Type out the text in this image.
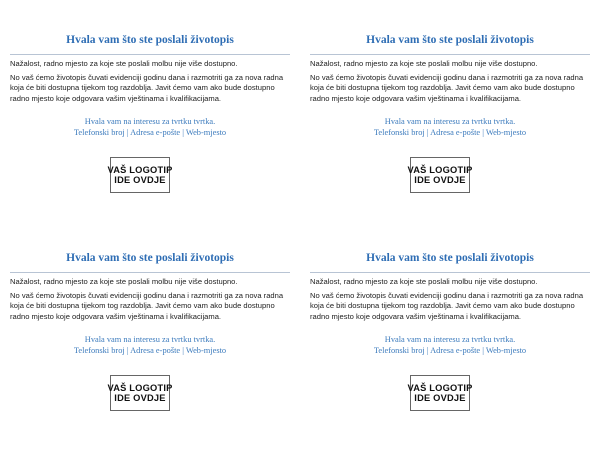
Hvala vam što ste poslali životopis

Nažalost, radno mjesto za koje ste poslali molbu nije više dostupno.

No vaš ćemo životopis čuvati evidenciji godinu dana i razmotriti ga za nova radna koja će biti dostupna tijekom tog razdoblja. Javit ćemo vam ako bude dostupno radno mjesto koje odgovara vašim vještinama i kvalifikacijama.

Hvala vam na interesu za tvrtku tvrtka.
Telefonski broj | Adresa e-pošte | Web-mjesto
VAŠ LOGOTIP
IDE OVDJE
Hvala vam što ste poslali životopis

Nažalost, radno mjesto za koje ste poslali molbu nije više dostupno.

No vaš ćemo životopis čuvati evidenciji godinu dana i razmotriti ga za nova radna koja će biti dostupna tijekom tog razdoblja. Javit ćemo vam ako bude dostupno radno mjesto koje odgovara vašim vještinama i kvalifikacijama.

Hvala vam na interesu za tvrtku tvrtka.
Telefonski broj | Adresa e-pošte | Web-mjesto
VAŠ LOGOTIP
IDE OVDJE
Hvala vam što ste poslali životopis

Nažalost, radno mjesto za koje ste poslali molbu nije više dostupno.

No vaš ćemo životopis čuvati evidenciji godinu dana i razmotriti ga za nova radna koja će biti dostupna tijekom tog razdoblja. Javit ćemo vam ako bude dostupno radno mjesto koje odgovara vašim vještinama i kvalifikacijama.

Hvala vam na interesu za tvrtku tvrtka.
Telefonski broj | Adresa e-pošte | Web-mjesto
VAŠ LOGOTIP
IDE OVDJE
Hvala vam što ste poslali životopis

Nažalost, radno mjesto za koje ste poslali molbu nije više dostupno.

No vaš ćemo životopis čuvati evidenciji godinu dana i razmotriti ga za nova radna koja će biti dostupna tijekom tog razdoblja. Javit ćemo vam ako bude dostupno radno mjesto koje odgovara vašim vještinama i kvalifikacijama.

Hvala vam na interesu za tvrtku tvrtka.
Telefonski broj | Adresa e-pošte | Web-mjesto
VAŠ LOGOTIP
IDE OVDJE
